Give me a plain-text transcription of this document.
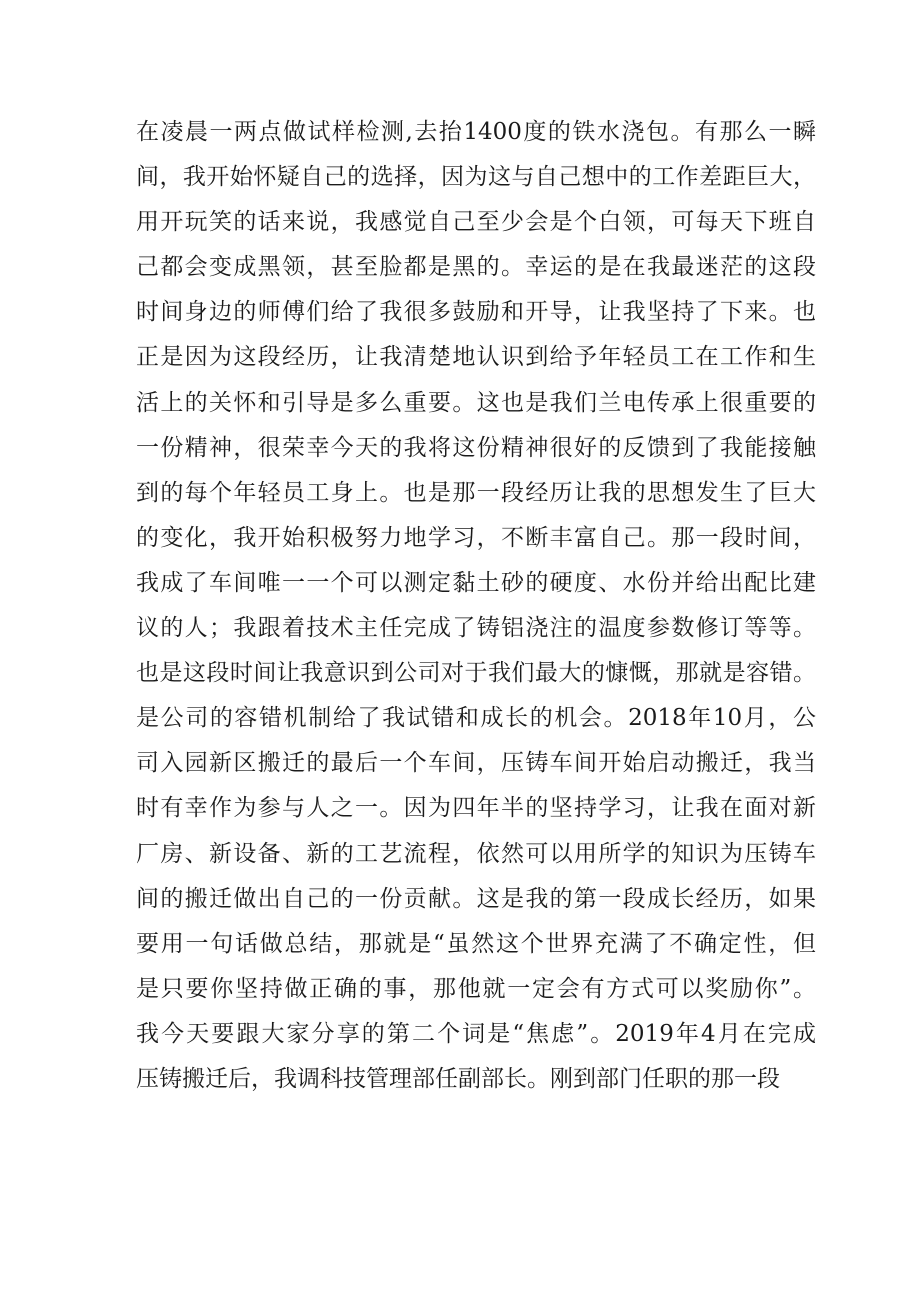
在凌晨一两点做试样检测,去抬1400度的铁水浇包。有那么一瞬
间，我开始怀疑自己的选择，因为这与自己想中的工作差距巨大，
用开玩笑的话来说，我感觉自己至少会是个白领，可每天下班自
己都会变成黑领，甚至脸都是黑的。幸运的是在我最迷茫的这段
时间身边的师傅们给了我很多鼓励和开导，让我坚持了下来。也
正是因为这段经历，让我清楚地认识到给予年轻员工在工作和生
活上的关怀和引导是多么重要。这也是我们兰电传承上很重要的
一份精神，很荣幸今天的我将这份精神很好的反馈到了我能接触
到的每个年轻员工身上。也是那一段经历让我的思想发生了巨大
的变化，我开始积极努力地学习，不断丰富自己。那一段时间，
我成了车间唯一一个可以测定黏土砂的硬度、水份并给出配比建
议的人；我跟着技术主任完成了铸铝浇注的温度参数修订等等。
也是这段时间让我意识到公司对于我们最大的慷慨，那就是容错。
是公司的容错机制给了我试错和成长的机会。2018年10月，公
司入园新区搬迁的最后一个车间，压铸车间开始启动搬迁，我当
时有幸作为参与人之一。因为四年半的坚持学习，让我在面对新
厂房、新设备、新的工艺流程，依然可以用所学的知识为压铸车
间的搬迁做出自己的一份贡献。这是我的第一段成长经历，如果
要用一句话做总结，那就是“虽然这个世界充满了不确定性，但
是只要你坚持做正确的事，那他就一定会有方式可以奖励你”。
我今天要跟大家分享的第二个词是“焦虑”。2019年4月在完成
压铸搬迁后，我调科技管理部任副部长。刚到部门任职的那一段
